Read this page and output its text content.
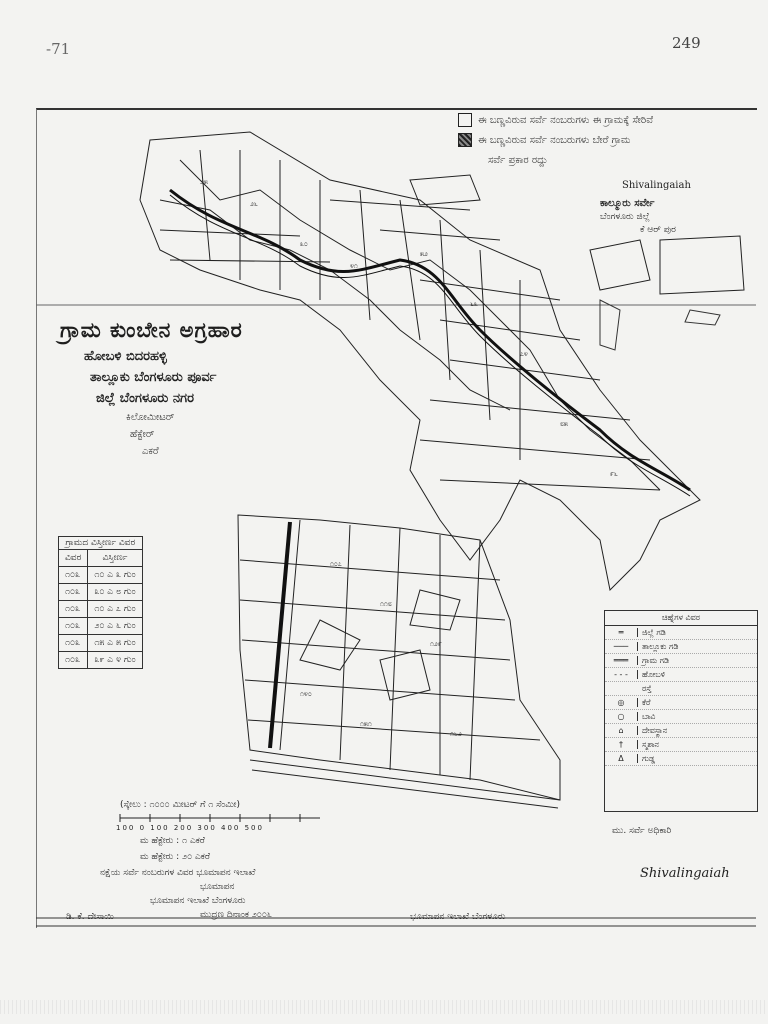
-71	249
೨೫
೨೬
೩೦
೪೧
೫೨
೬೩
೭೪
೮೫
೯೬
೧೦೭
೧೧೮
೧೨೯
೧೪೦
೧೫೧
೧೬೨
ಈ ಬಣ್ಣವಿರುವ ಸರ್ವೆ ನಂಬರುಗಳು ಈ ಗ್ರಾಮಕ್ಕೆ ಸೇರಿವೆ
ಈ ಬಣ್ಣವಿರುವ ಸರ್ವೆ ನಂಬರುಗಳು ಬೇರೆ ಗ್ರಾಮ
ಸರ್ವೆ ಪ್ರಕಾರ ರದ್ದು
Shivalingaiah
ಕಾಲ್ಮೂರು ಸರ್ವೇ
ಬೆಂಗಳೂರು ಜಿಲ್ಲೆ
ಕೆ ಆರ್ ಪುರ
ಗ್ರಾಮ ಕುಂಬೇನ ಅಗ್ರಹಾರ
ಹೋಬಳಿ ಬಿದರಹಳ್ಳಿ
ತಾಲ್ಲೂಕು ಬೆಂಗಳೂರು ಪೂರ್ವ
ಜಿಲ್ಲೆ ಬೆಂಗಳೂರು ನಗರ
ಕಿಲೋಮೀಟರ್
ಹೆಕ್ಟೇರ್
ಎಕರೆ
ಗ್ರಾಮದ ವಿಸ್ತೀರ್ಣ ವಿವರ
ವಿವರ	ವಿಸ್ತೀರ್ಣ
೧೦೩	೧೦ ಎ ೩ ಗುಂ
೧೦೩	೩೦ ಎ ೮ ಗುಂ
೧೦೩	೧೦ ಎ ೭ ಗುಂ
೧೦೩	೨೦ ಎ ೬ ಗುಂ
೧೦೩	೧೫ ಎ ೫ ಗುಂ
೧೦೩	೩೯ ಎ ೪ ಗುಂ
ಚಿಹ್ನೆಗಳ ವಿವರ
═	ಜಿಲ್ಲೆ ಗಡಿ
───	ತಾಲ್ಲೂಕು ಗಡಿ
═══	ಗ್ರಾಮ ಗಡಿ
- - -	ಹೋಬಳಿ
ರಸ್ತೆ
◎	ಕೆರೆ
○	ಬಾವಿ
⌂	ದೇವಸ್ಥಾನ
†	ಸ್ಮಶಾನ
Δ	ಗುಡ್ಡ
(ಸ್ಕೇಲು : ೧೦೦೦ ಮೀಟರ್ ಗೆ ೧ ಸೆಂಮೀ)
100 0 100 200 300 400 500
ಮ ಹೆಕ್ಟೇರು : ೧ ಎಕರೆ
ಮ ಹೆಕ್ಟೇರು : ೨೦ ಎಕರೆ
ನಕ್ಷೆಯ ಸರ್ವೆ ನಂಬರುಗಳ ವಿವರ ಭೂಮಾಪನ ಇಲಾಖೆ
ಭೂಮಾಪನ
ಭೂಮಾಪನ ಇಲಾಖೆ ಬೆಂಗಳೂರು
ಮುದ್ರಣ ದಿನಾಂಕ ೨೦೦೬
ಡಿ. ಕೆ. ದೇಸಾಯಿ	ಭೂಮಾಪನ ಇಲಾಖೆ ಬೆಂಗಳೂರು
ಮು. ಸರ್ವೆ ಅಧಿಕಾರಿ
Shivalingaiah
